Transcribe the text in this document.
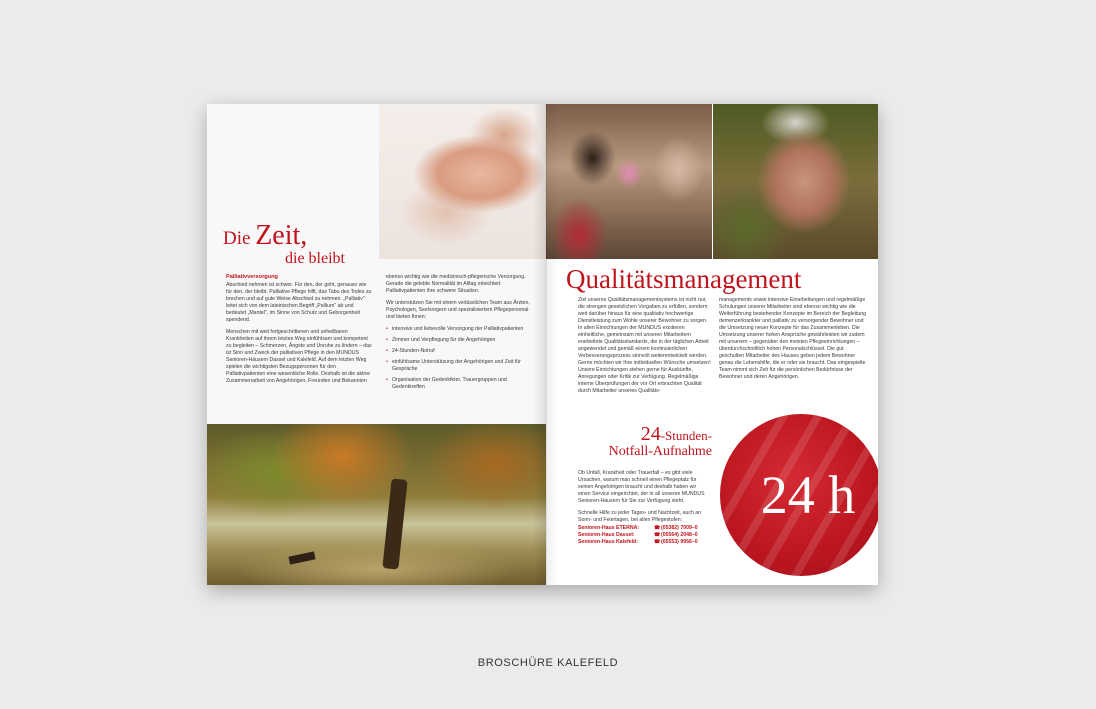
Die Zeit,
die bleibt
Palliativversorgung

Abschied nehmen ist schwer. Für den, der geht, genauso wie für den, der bleibt. Palliative Pflege hilft, das Tabu des Todes zu brechen und auf gute Weise Abschied zu nehmen. „Palliativ" leitet sich von dem lateinischen Begriff „Pallium" ab und bedeutet „Mantel", im Sinne von Schutz und Geborgenheit spendend.

Menschen mit weit fortgeschrittenen und unheilbaren Krankheiten auf ihrem letzten Weg einfühlsam und kompetent zu begleiten – Schmerzen, Ängste und Unruhe zu lindern – das ist Sinn und Zweck der palliativen Pflege in den MUNDUS Senioren-Häusern Dassel und Kalefeld. Auf dem letzten Weg spielen die wichtigsten Bezugspersonen für den Palliativpatienten eine wesentliche Rolle. Deshalb ist die aktive Zusammenarbeit von Angehörigen, Freunden und Bekannten

ebenso wichtig wie die medizinisch-pflegerische Versorgung. Gerade die gelebte Normalität im Alltag erleichtert Palliativpatienten ihre schwere Situation.

Wir unterstützen Sie mit einem verlässlichen Team aus Ärzten, Psychologen, Seelsorgern und spezialisiertem Pflegepersonal und bieten Ihnen:

• intensive und liebevolle Versorgung der Palliativpatienten
• Zimmer und Verpflegung für die Angehörigen
• 24-Stunden-Notruf
• einfühlsame Unterstützung der Angehörigen und Zeit für Gespräche
• Organisation der Gedenkfeier, Trauergruppen und Gedenktreffen
Qualitätsmanagement

Ziel unseres Qualitätsmanagementsystems ist nicht nur, die strengen gesetzlichen Vorgaben zu erfüllen, sondern weit darüber hinaus für eine qualitativ hochwertige Dienstleistung zum Wohle unserer Bewohner zu sorgen.

In allen Einrichtungen der MUNDUS existieren einheitliche, gemeinsam mit unseren Mitarbeitern erarbeitete Qualitätsstandards, die in der täglichen Arbeit angewendet und gemäß einem kontinuierlichen Verbesserungsprozess sinnvoll weiterentwickelt werden. Gerne möchten wir Ihre individuellen Wünsche umsetzen! Unsere Einrichtungen stehen gerne für Auskünfte, Anregungen oder Kritik zur Verfügung. Regelmäßige interne Überprüfungen der vor Ort erbrachten Qualität durch Mitarbeiter unseres Qualitäts-

managements sowie intensive Einarbeitungen und regelmäßige Schulungen unserer Mitarbeiter sind ebenso wichtig wie die Weiterführung bestehender Konzepte im Bereich der Begleitung demenzerkrankter und palliativ zu versorgender Bewohner und die Umsetzung neuer Konzepte für das Zusammenleben. Die Umsetzung unserer hohen Ansprüche gewährleisten wir zudem mit unserem – gegenüber den meisten Pflegeeinrichtungen – überdurchschnittlich hohen Personalschlüssel. Die gut geschulten Mitarbeiter des Hauses geben jedem Bewohner genau die Lebenshilfe, die er oder sie braucht. Das eingespielte Team nimmt sich Zeit für die persönlichen Bedürfnisse der Bewohner und deren Angehörigen.

24-Stunden-
Notfall-Aufnahme

Ob Unfall, Krankheit oder Trauerfall – es gibt viele Ursachen, warum man schnell einen Pflegeplatz für seinen Angehörigen braucht und deshalb haben wir einen Service eingerichtet, der in all unseren MUNDUS Senioren-Häusern für Sie zur Verfügung steht.

Schnelle Hilfe zu jeder Tages- und Nachtzeit, auch an Sonn- und Feiertagen, bei allen Pflegestufen:

Senioren-Haus ETERNA:	☎ (05382) 7009–0
Senioren-Haus Dassel:	☎ (05564) 2048–0
Senioren-Haus Kalefeld:	☎ (05553) 9956–0
24 h
BROSCHÜRE KALEFELD
